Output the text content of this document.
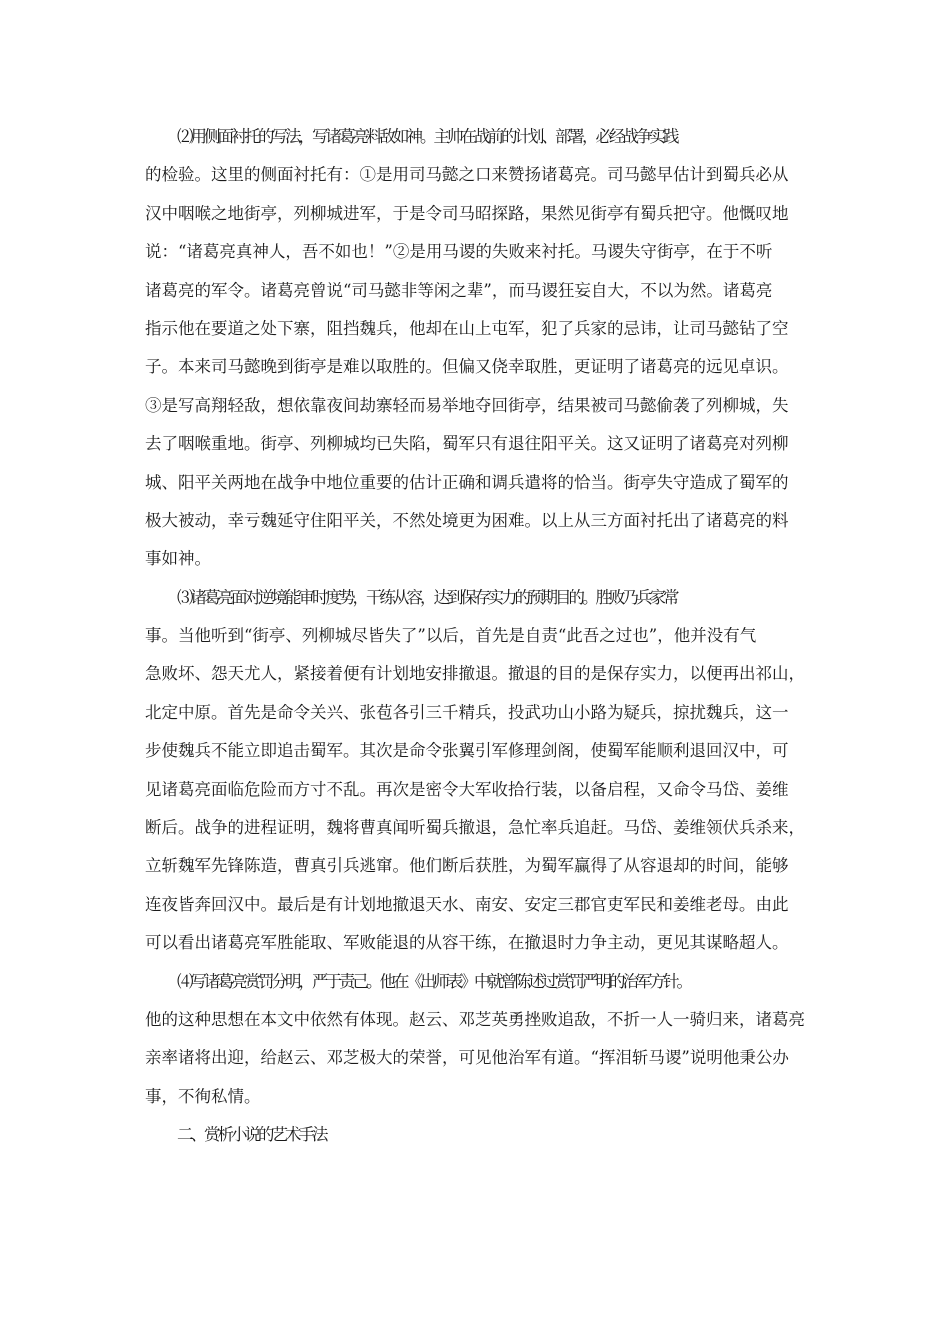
⑵用侧面衬托的写法，写诸葛亮料敌如神。主帅在战前的计划、部署，必经战争实践
的检验。这里的侧面衬托有：①是用司马懿之口来赞扬诸葛亮。司马懿早估计到蜀兵必从
汉中咽喉之地街亭，列柳城进军，于是令司马昭探路，果然见街亭有蜀兵把守。他慨叹地
说：“诸葛亮真神人，吾不如也！”②是用马谡的失败来衬托。马谡失守街亭，在于不听
诸葛亮的军令。诸葛亮曾说“司马懿非等闲之辈”，而马谡狂妄自大，不以为然。诸葛亮
指示他在要道之处下寨，阻挡魏兵，他却在山上屯军，犯了兵家的忌讳，让司马懿钻了空
子。本来司马懿晚到街亭是难以取胜的。但偏又侥幸取胜，更证明了诸葛亮的远见卓识。
③是写高翔轻敌，想依靠夜间劫寨轻而易举地夺回街亭，结果被司马懿偷袭了列柳城，失
去了咽喉重地。街亭、列柳城均已失陷，蜀军只有退往阳平关。这又证明了诸葛亮对列柳
城、阳平关两地在战争中地位重要的估计正确和调兵遣将的恰当。街亭失守造成了蜀军的
极大被动，幸亏魏延守住阳平关，不然处境更为困难。以上从三方面衬托出了诸葛亮的料
事如神。
⑶诸葛亮面对逆境能审时度势，干练从容，达到保存实力的预期目的。胜败乃兵家常
事。当他听到“街亭、列柳城尽皆失了”以后，首先是自责“此吾之过也”，他并没有气
急败坏、怨天尤人，紧接着便有计划地安排撤退。撤退的目的是保存实力，以便再出祁山，
北定中原。首先是命令关兴、张苞各引三千精兵，投武功山小路为疑兵，掠扰魏兵，这一
步使魏兵不能立即追击蜀军。其次是命令张翼引军修理剑阁，使蜀军能顺利退回汉中，可
见诸葛亮面临危险而方寸不乱。再次是密令大军收拾行装，以备启程，又命令马岱、姜维
断后。战争的进程证明，魏将曹真闻听蜀兵撤退，急忙率兵追赶。马岱、姜维领伏兵杀来，
立斩魏军先锋陈造，曹真引兵逃窜。他们断后获胜，为蜀军赢得了从容退却的时间，能够
连夜皆奔回汉中。最后是有计划地撤退天水、南安、安定三郡官吏军民和姜维老母。由此
可以看出诸葛亮军胜能取、军败能退的从容干练，在撤退时力争主动，更见其谋略超人。
⑷写诸葛亮赏罚分明，严于责己。他在《出师表》中就曾陈述过赏罚严明的治军方针。
他的这种思想在本文中依然有体现。赵云、邓芝英勇挫败追敌，不折一人一骑归来，诸葛亮
亲率诸将出迎，给赵云、邓芝极大的荣誉，可见他治军有道。“挥泪斩马谡”说明他秉公办
事，不徇私情。
二、赏析小说的艺术手法
